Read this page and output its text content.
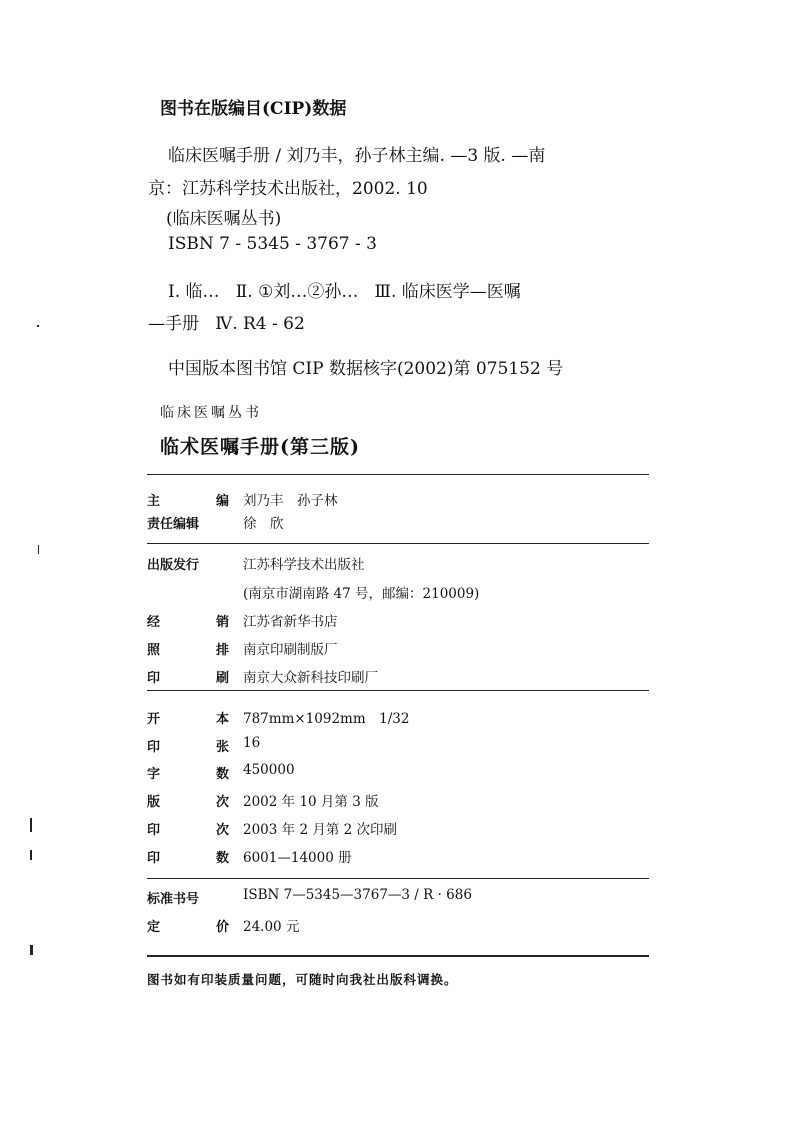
图书在版编目(CIP)数据
临床医嘱手册 / 刘乃丰，孙子林主编. —3 版. —南
京：江苏科学技术出版社，2002. 10
(临床医嘱丛书)
ISBN 7 - 5345 - 3767 - 3
Ⅰ. 临…   Ⅱ. ①刘…②孙…   Ⅲ. 临床医学—医嘱
—手册   Ⅳ. R4 - 62
中国版本图书馆 CIP 数据核字(2002)第 075152 号
临床医嘱丛书
临术医嘱手册(第三版)
主	编 刘乃丰　孙子林
责任编辑	徐　欣
出版发行	江苏科学技术出版社
(南京市湖南路 47 号，邮编：210009)
经	销 江苏省新华书店
照	排 南京印刷制版厂
印	刷 南京大众新科技印刷厂
开	本 787mm×1092mm　1/32
印	张 16
字	数 450000
版	次 2002 年 10 月第 3 版
印	次 2003 年 2 月第 2 次印刷
印	数 6001—14000 册
标准书号	ISBN 7—5345—3767—3 / R · 686
定	价 24.00 元
图书如有印装质量问题，可随时向我社出版科调换。
